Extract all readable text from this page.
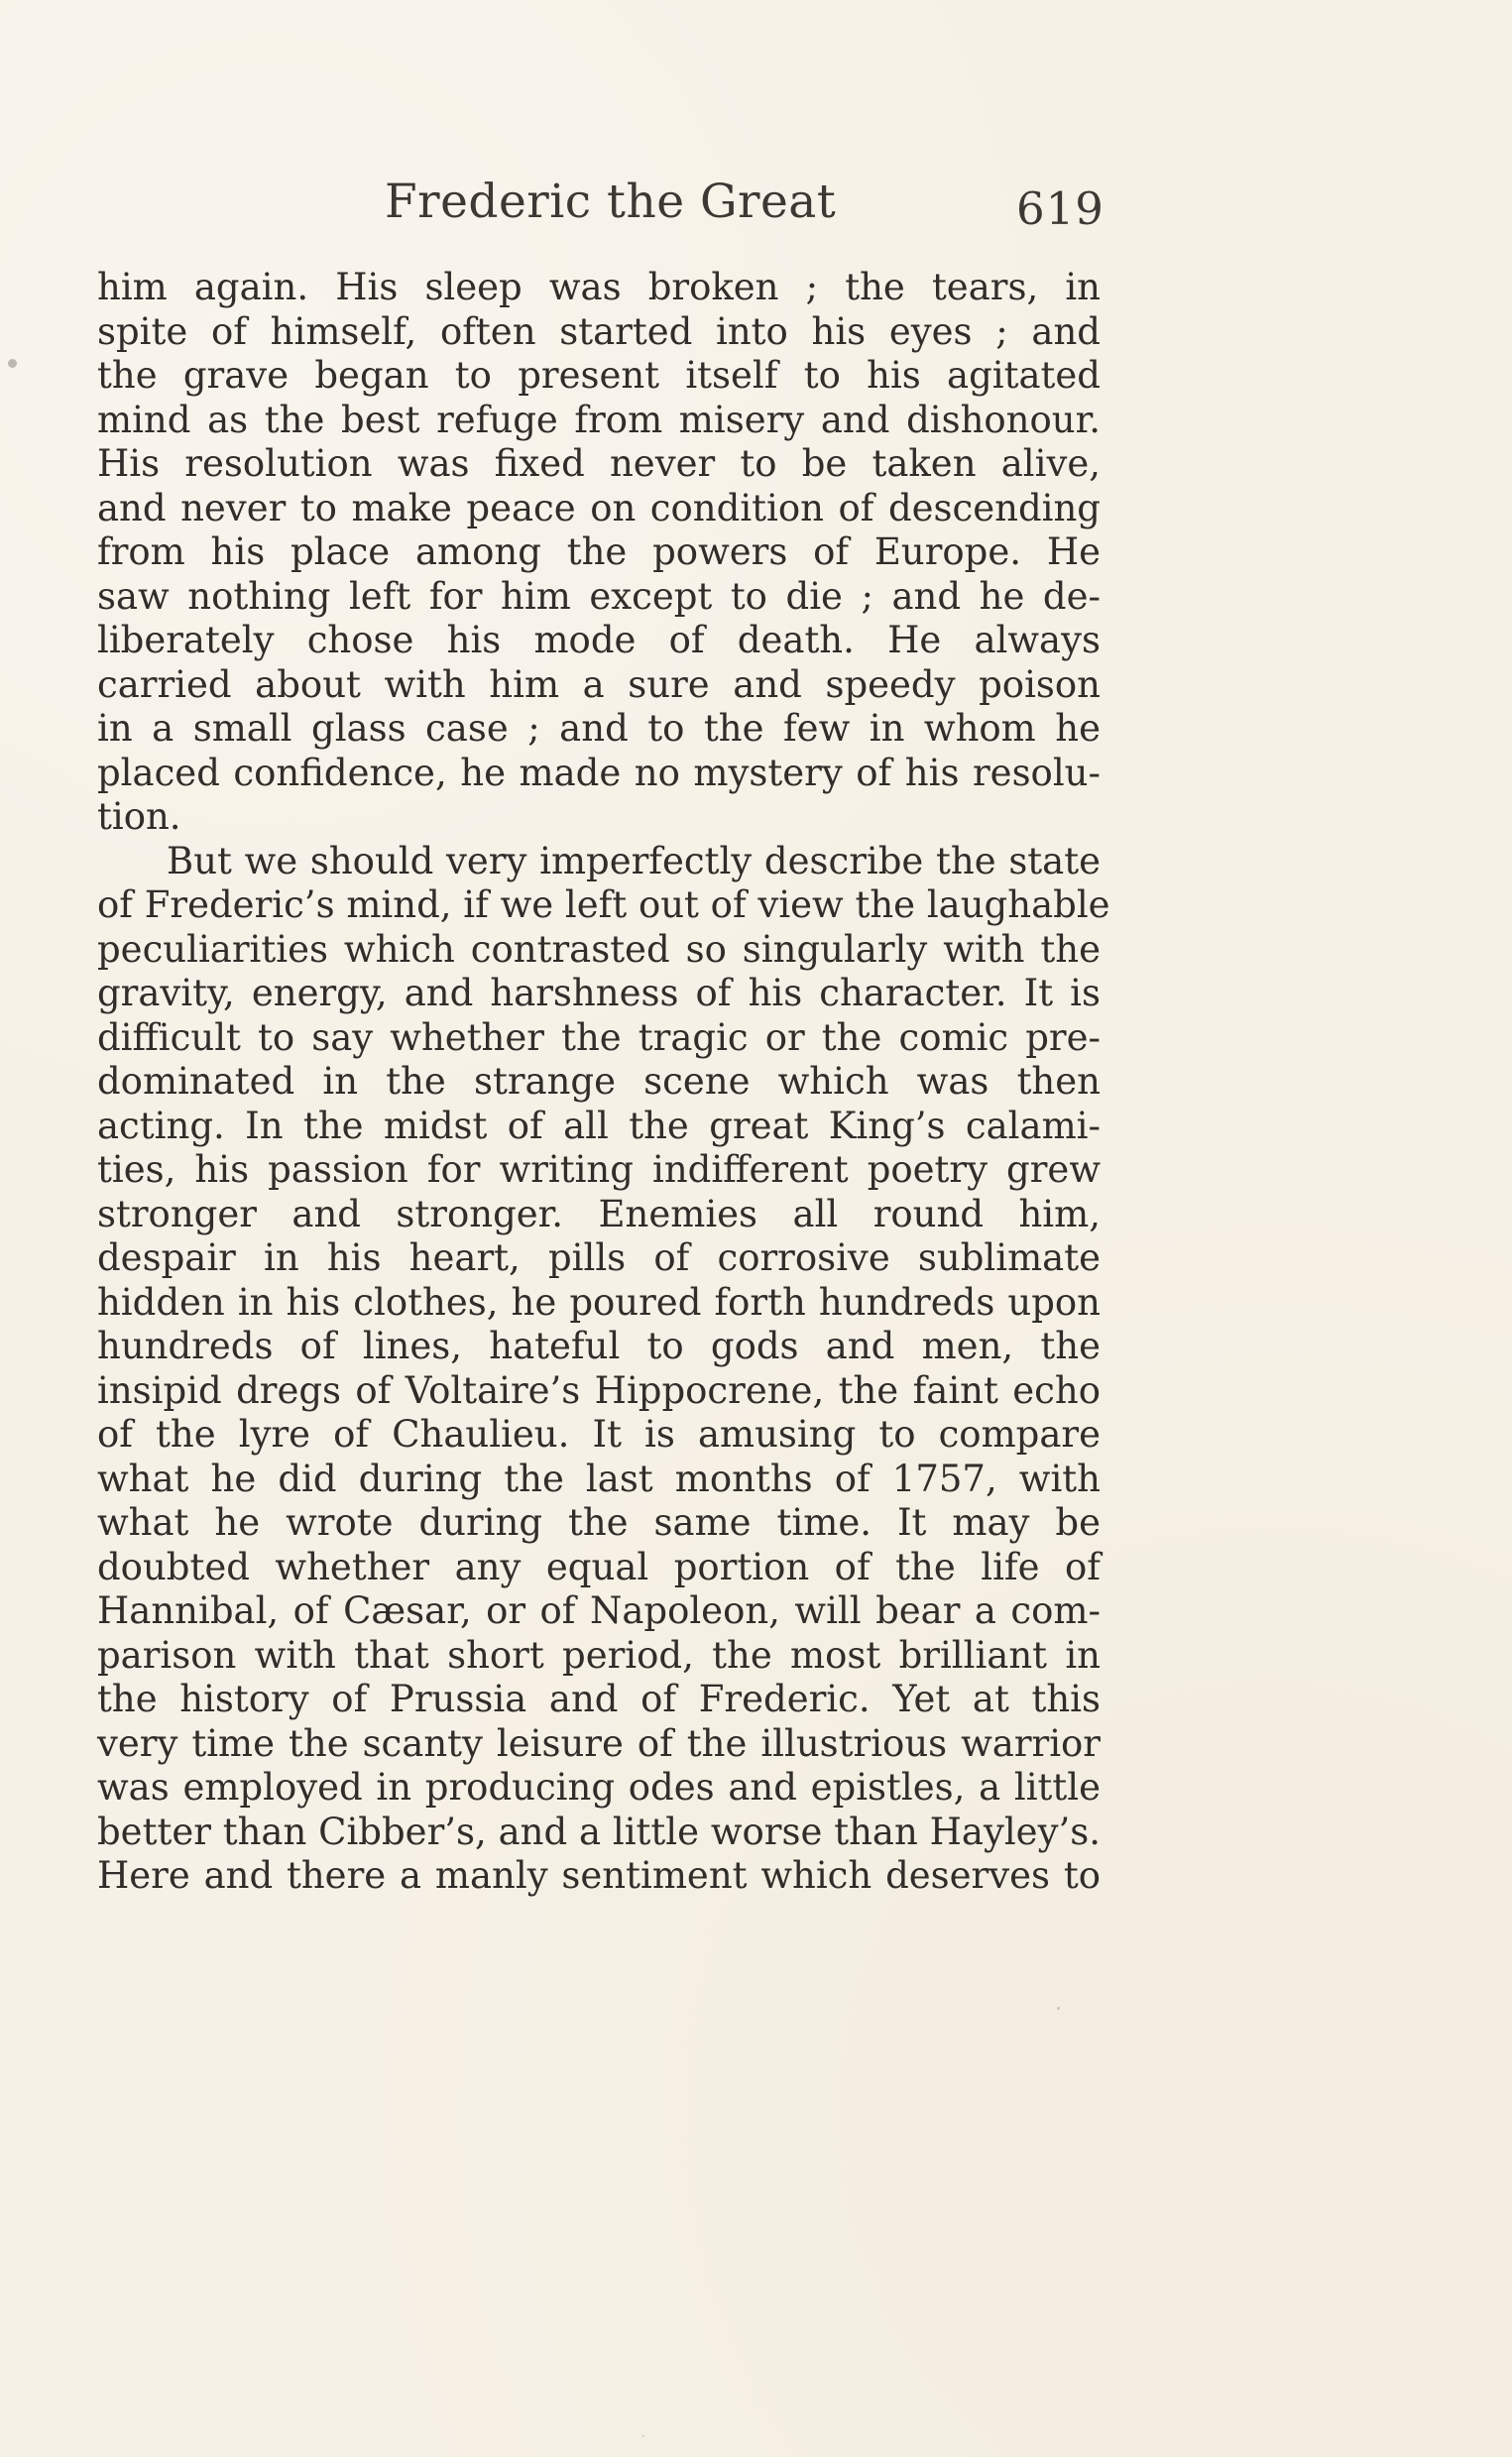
Frederic the Great	619
him again. His sleep was broken ; the tears, in
spite of himself, often started into his eyes ; and
the grave began to present itself to his agitated
mind as the best refuge from misery and dishonour.
His resolution was fixed never to be taken alive,
and never to make peace on condition of descending
from his place among the powers of Europe. He
saw nothing left for him except to die ; and he de-
liberately chose his mode of death. He always
carried about with him a sure and speedy poison
in a small glass case ; and to the few in whom he
placed confidence, he made no mystery of his resolu-
tion.
But we should very imperfectly describe the state
of Frederic’s mind, if we left out of view the laughable
peculiarities which contrasted so singularly with the
gravity, energy, and harshness of his character. It is
difficult to say whether the tragic or the comic pre-
dominated in the strange scene which was then
acting. In the midst of all the great King’s calami-
ties, his passion for writing indifferent poetry grew
stronger and stronger. Enemies all round him,
despair in his heart, pills of corrosive sublimate
hidden in his clothes, he poured forth hundreds upon
hundreds of lines, hateful to gods and men, the
insipid dregs of Voltaire’s Hippocrene, the faint echo
of the lyre of Chaulieu. It is amusing to compare
what he did during the last months of 1757, with
what he wrote during the same time. It may be
doubted whether any equal portion of the life of
Hannibal, of Cæsar, or of Napoleon, will bear a com-
parison with that short period, the most brilliant in
the history of Prussia and of Frederic. Yet at this
very time the scanty leisure of the illustrious warrior
was employed in producing odes and epistles, a little
better than Cibber’s, and a little worse than Hayley’s.
Here and there a manly sentiment which deserves to
